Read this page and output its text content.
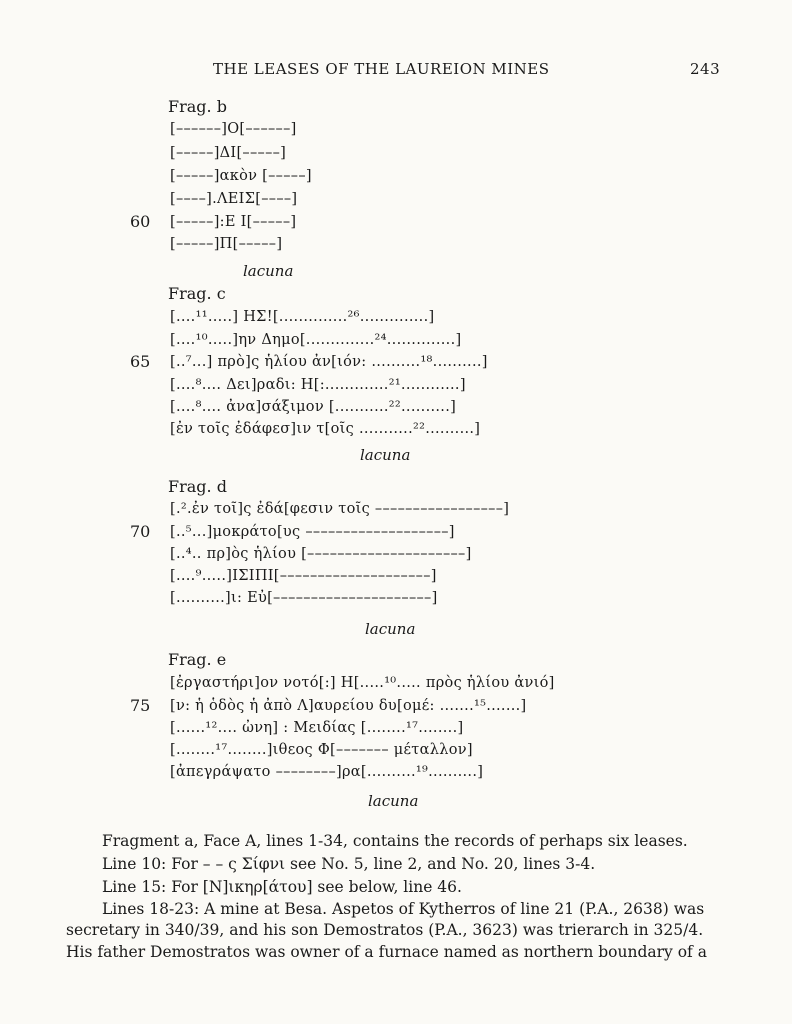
THE LEASES OF THE LAUREION MINES	243
Frag. b
[––––––]Ο[––––––]
[–––––]ΔΙ[–––––]
[–––––]ακὸν [–––––]
[––––].ΛΕΙΣ[––––]
60 [–––––]:Ε Ι[–––––]
[–––––]Π[–––––]
lacuna
Frag. c
[....¹¹.....] ΗΣ![..............²⁶..............]
[....¹⁰.....]ην Δημο[..............²⁴..............]
65 [..⁷...] πρὸ]ς ἡλίου ἀν[ιόν: ..........¹⁸..........]
[....⁸.... Δει]ραδι: Η[:.............²¹............]
[....⁸.... ἀνα]σάξιμον [...........²²..........]
[ἐν τοῖς ἐδάφεσ]ιν τ[οῖς ...........²²..........]
lacuna
Frag. d
[.².ἐν τοῖ]ς ἐδά[φεσιν τοῖς –––––––––––––––––]
70 [..⁵...]μοκράτο[υς –––––––––––––––––––]
[..⁴.. πρ]ὸς ἡλίου [–––––––––––––––––––––]
[....⁹.....]ΙΣΙΠΙ[––––––––––––––––––––]
[..........]ι: Εὐ[–––––––––––––––––––––]
lacuna
Frag. e
[ἐργαστήρι]ον νοτό[:] Η[.....¹⁰..... πρὸς ἡλίου ἀνιό]
75 [ν: ἡ ὁδὸς ἡ ἀπὸ Λ]αυρείου δυ[ομέ: .......¹⁵.......]
[......¹².... ὠνη] : Μειδίας [........¹⁷........]
[........¹⁷........]ιθεος Φ[––––––– μέταλλον]
[ἀπεγράψατο ––––––––]ρα[..........¹⁹..........]
lacuna
Fragment a, Face A, lines 1-34, contains the records of perhaps six leases.
Line 10: For – – ς Σίφνι see No. 5, line 2, and No. 20, lines 3-4.
Line 15: For [N]ικηρ[άτου] see below, line 46.
Lines 18-23: A mine at Besa. Aspetos of Kytherros of line 21 (P.A., 2638) was
secretary in 340/39, and his son Demostratos (P.A., 3623) was trierarch in 325/4.
His father Demostratos was owner of a furnace named as northern boundary of a
